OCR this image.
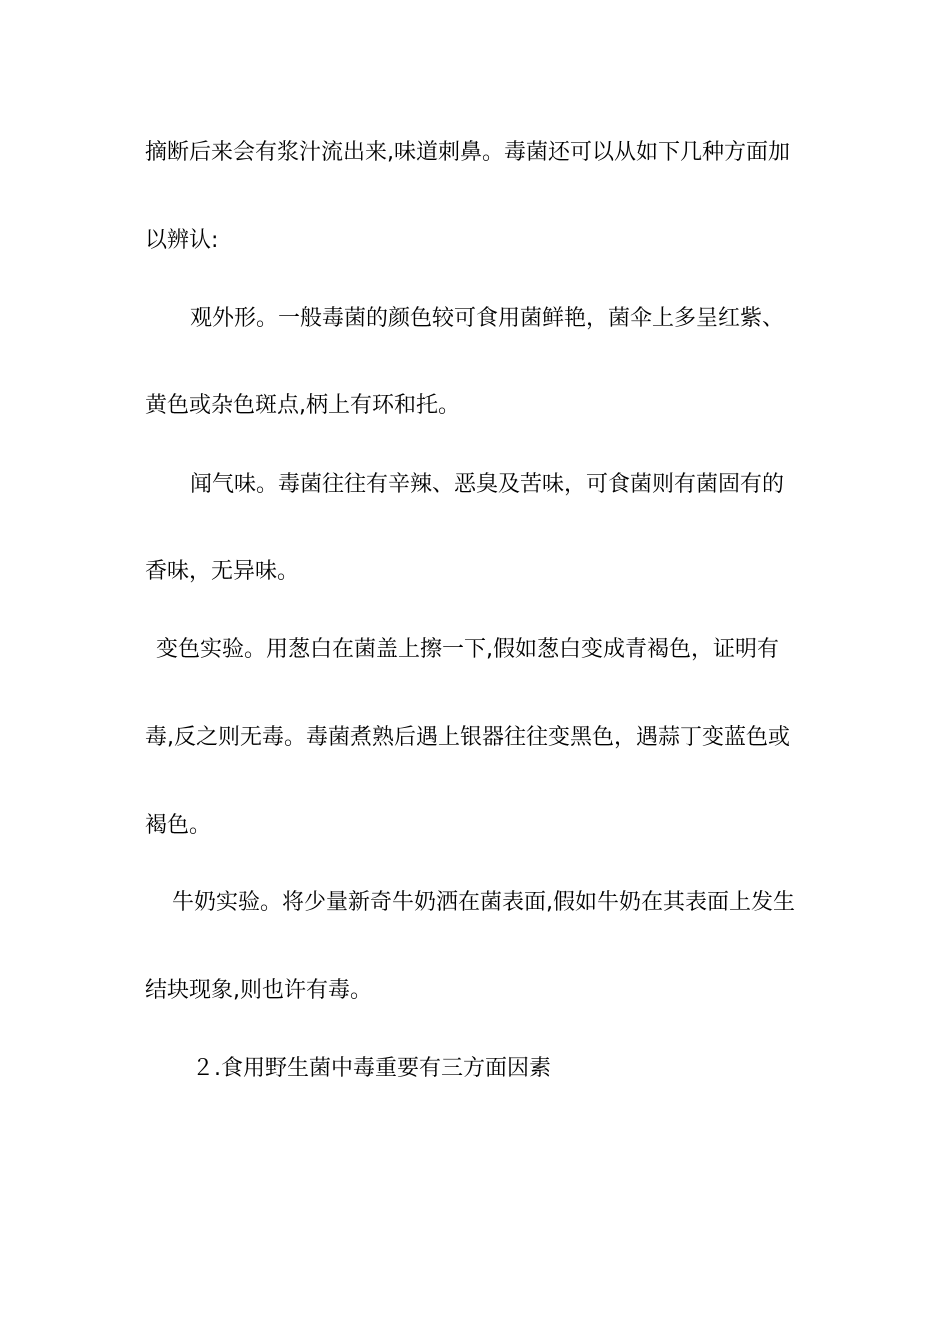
摘断后来会有浆汁流出来,味道刺鼻。毒菌还可以从如下几种方面加
以辨认:
观外形。一般毒菌的颜色较可食用菌鲜艳，菌伞上多呈红紫、
黄色或杂色斑点,柄上有环和托。
闻气味。毒菌往往有辛辣、恶臭及苦味，可食菌则有菌固有的
香味，无异味。
变色实验。用葱白在菌盖上擦一下,假如葱白变成青褐色，证明有
毒,反之则无毒。毒菌煮熟后遇上银器往往变黑色，遇蒜丁变蓝色或
褐色。
牛奶实验。将少量新奇牛奶洒在菌表面,假如牛奶在其表面上发生
结块现象,则也许有毒。
２.食用野生菌中毒重要有三方面因素
